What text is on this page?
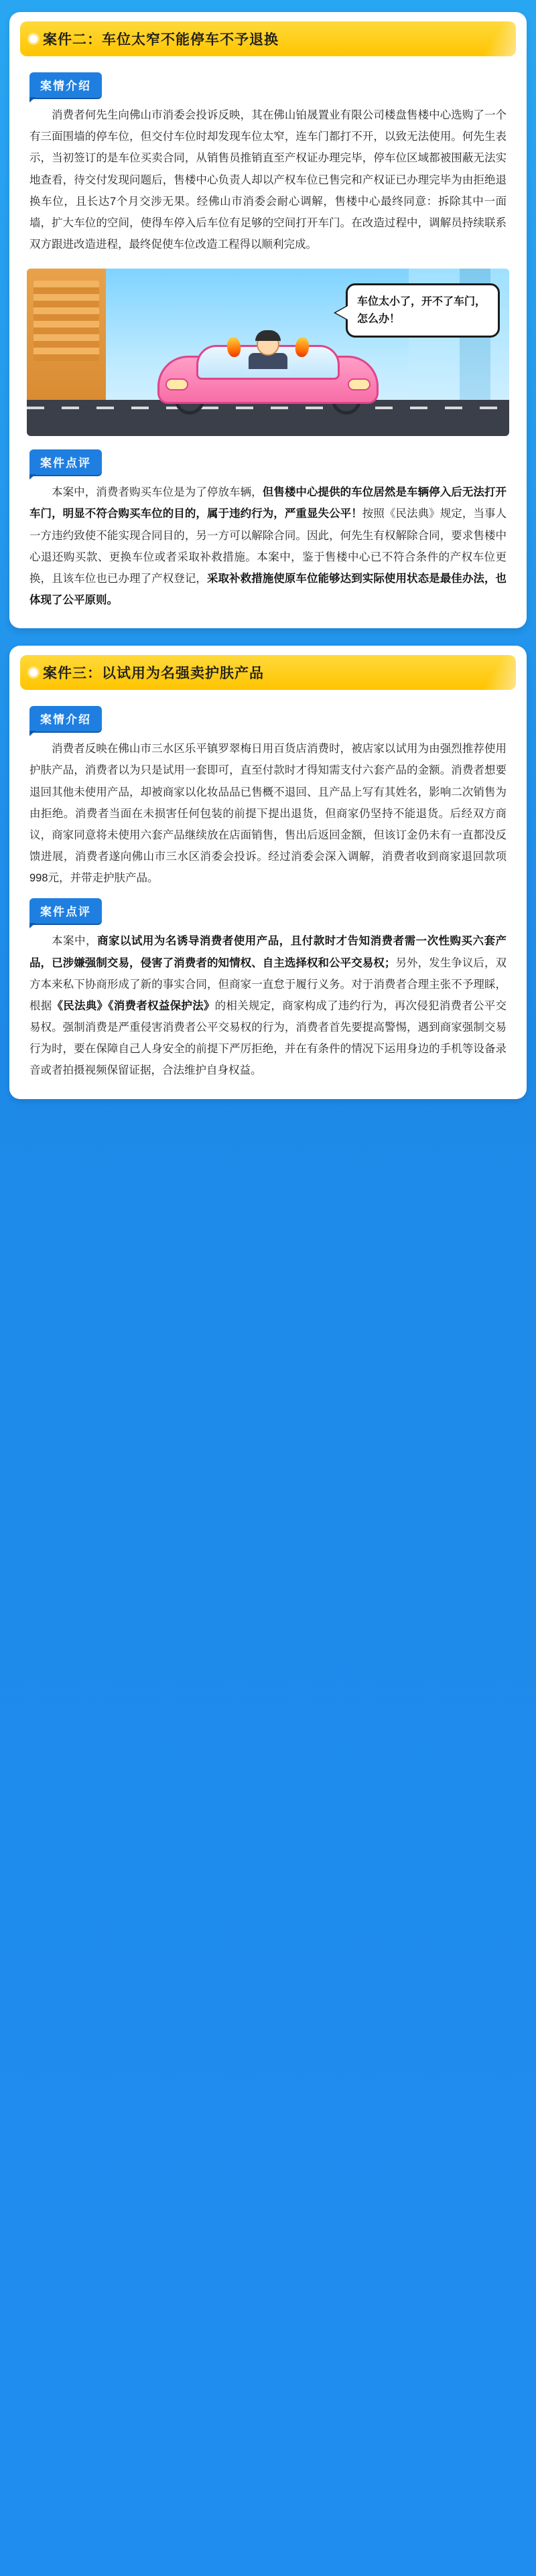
案件二：车位太窄不能停车不予退换
案情介绍

消费者何先生向佛山市消委会投诉反映，其在佛山铂晟置业有限公司楼盘售楼中心选购了一个有三面围墙的停车位，但交付车位时却发现车位太窄，连车门都打不开，以致无法使用。何先生表示，当初签订的是车位买卖合同，从销售员推销直至产权证办理完毕，停车位区域都被围蔽无法实地查看，待交付发现问题后，售楼中心负责人却以产权车位已售完和产权证已办理完毕为由拒绝退换车位，且长达7个月交涉无果。经佛山市消委会耐心调解，售楼中心最终同意：拆除其中一面墙，扩大车位的空间，使得车停入后车位有足够的空间打开车门。在改造过程中，调解员持续联系双方跟进改造进程，最终促使车位改造工程得以顺利完成。

车位太小了，开不了车门，怎么办！
案件点评

本案中，消费者购买车位是为了停放车辆，但售楼中心提供的车位居然是车辆停入后无法打开车门，明显不符合购买车位的目的，属于违约行为，严重显失公平！按照《民法典》规定，当事人一方违约致使不能实现合同目的，另一方可以解除合同。因此，何先生有权解除合同，要求售楼中心退还购买款、更换车位或者采取补救措施。本案中，鉴于售楼中心已不符合条件的产权车位更换，且该车位也已办理了产权登记，采取补救措施使原车位能够达到实际使用状态是最佳办法，也体现了公平原则。

案件三：以试用为名强卖护肤产品
案情介绍

消费者反映在佛山市三水区乐平镇罗翠梅日用百货店消费时，被店家以试用为由强烈推荐使用护肤产品，消费者以为只是试用一套即可，直至付款时才得知需支付六套产品的金额。消费者想要退回其他未使用产品，却被商家以化妆品品已售概不退回、且产品上写有其姓名，影响二次销售为由拒绝。消费者当面在未损害任何包装的前提下提出退货，但商家仍坚持不能退货。后经双方商议，商家同意将未使用六套产品继续放在店面销售，售出后返回金额，但该订金仍未有一直都没反馈进展，消费者遂向佛山市三水区消委会投诉。经过消委会深入调解，消费者收到商家退回款项998元，并带走护肤产品。

案件点评

本案中，商家以试用为名诱导消费者使用产品，且付款时才告知消费者需一次性购买六套产品，已涉嫌强制交易，侵害了消费者的知情权、自主选择权和公平交易权；另外，发生争议后，双方本来私下协商形成了新的事实合同，但商家一直怠于履行义务。对于消费者合理主张不予理睬，根据《民法典》《消费者权益保护法》的相关规定，商家构成了违约行为，再次侵犯消费者公平交易权。强制消费是严重侵害消费者公平交易权的行为，消费者首先要提高警惕，遇到商家强制交易行为时，要在保障自己人身安全的前提下严厉拒绝，并在有条件的情况下运用身边的手机等设备录音或者拍摄视频保留证据，合法维护自身权益。
